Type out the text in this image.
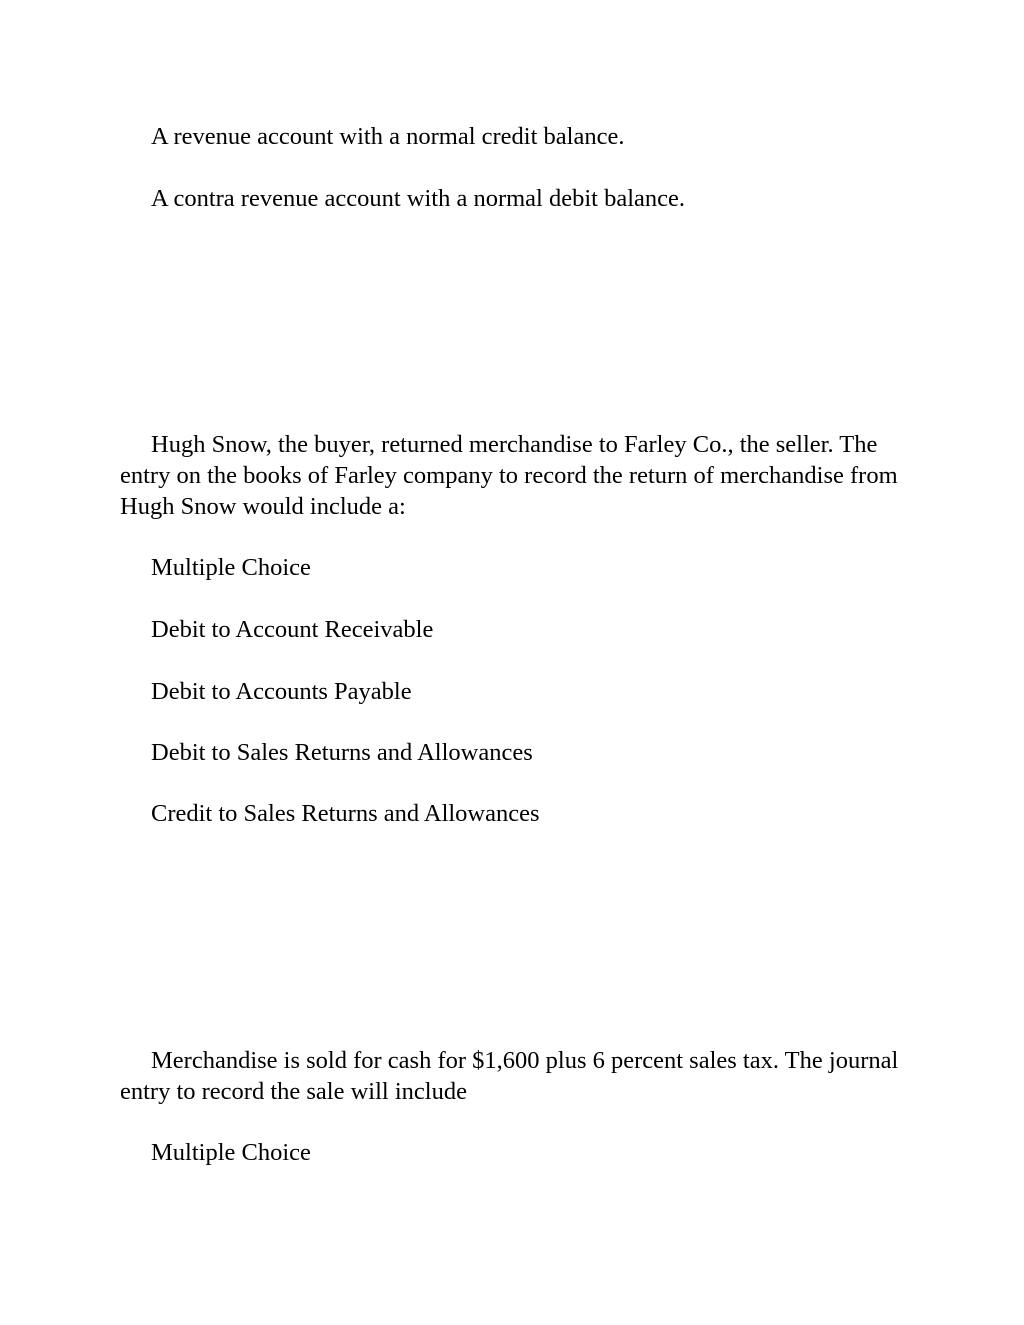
A revenue account with a normal credit balance.

A contra revenue account with a normal debit balance.

Hugh Snow, the buyer, returned merchandise to Farley Co., the seller. The entry on the books of Farley company to record the return of merchandise from Hugh Snow would include a:

Multiple Choice

Debit to Account Receivable

Debit to Accounts Payable

Debit to Sales Returns and Allowances

Credit to Sales Returns and Allowances

Merchandise is sold for cash for $1,600 plus 6 percent sales tax. The journal entry to record the sale will include

Multiple Choice
